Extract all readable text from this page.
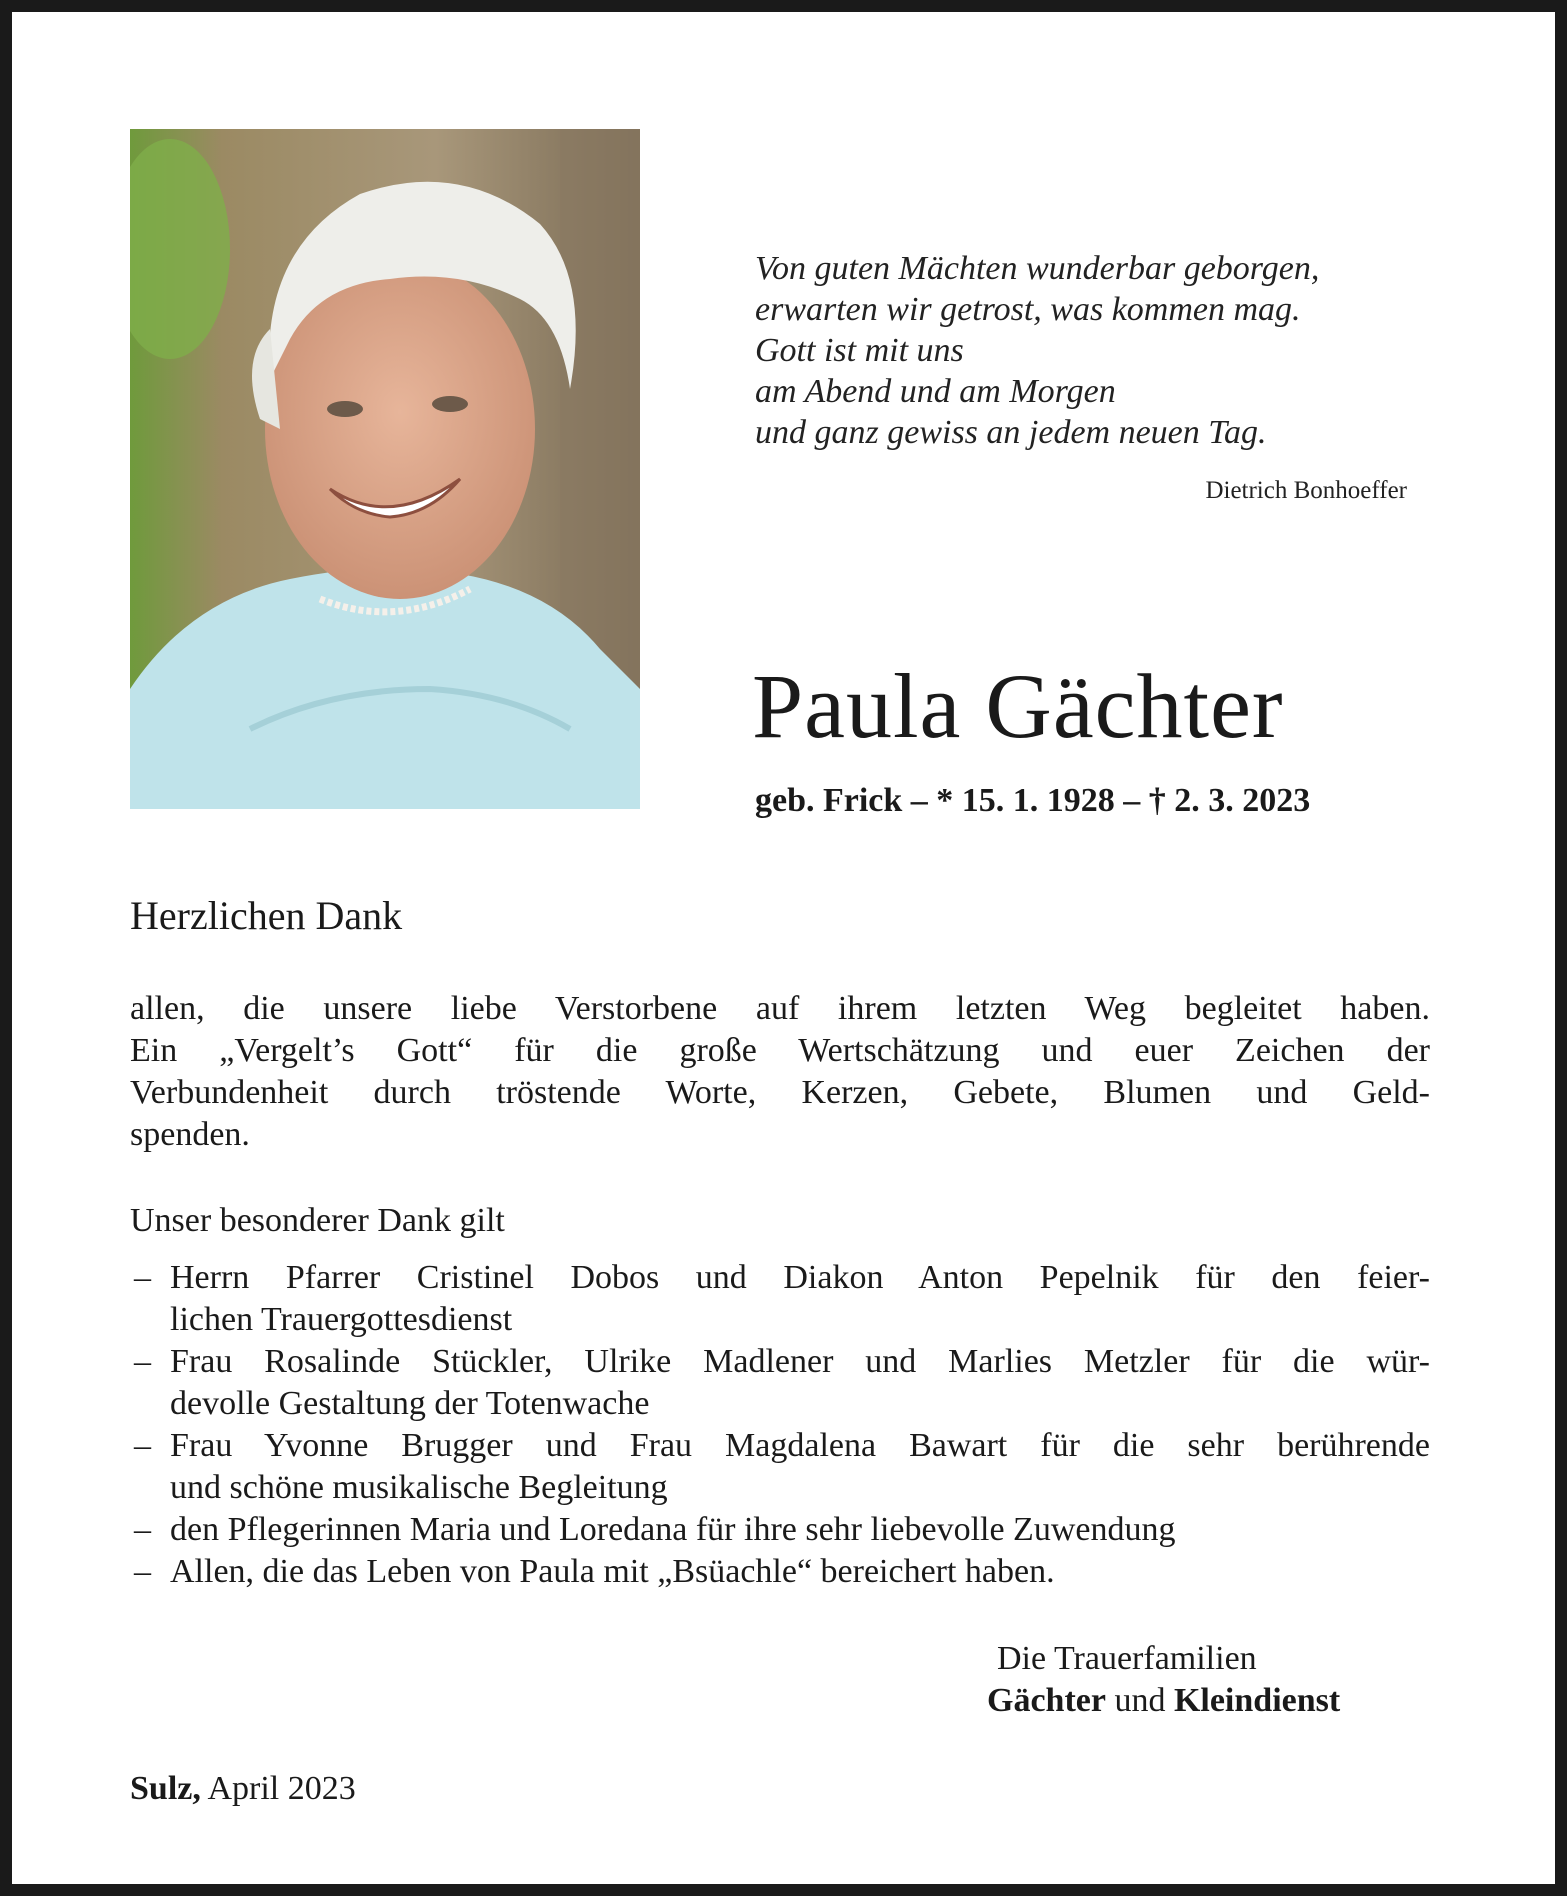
Von guten Mächten wunderbar geborgen,
erwarten wir getrost, was kommen mag.
Gott ist mit uns
am Abend und am Morgen
und ganz gewiss an jedem neuen Tag.
Dietrich Bonhoeffer
Paula Gächter
geb. Frick – * 15. 1. 1928 – † 2. 3. 2023
Herzlichen Dank
allen, die unsere liebe Verstorbene auf ihrem letzten Weg begleitet haben.
Ein „Vergelt’s Gott“ für die große Wertschätzung und euer Zeichen der
Verbundenheit durch tröstende Worte, Kerzen, Gebete, Blumen und Geld-
spenden.
Unser besonderer Dank gilt
– Herrn Pfarrer Cristinel Dobos und Diakon Anton Pepelnik für den feier-
lichen Trauergottesdienst
– Frau Rosalinde Stückler, Ulrike Madlener und Marlies Metzler für die wür-
devolle Gestaltung der Totenwache
– Frau Yvonne Brugger und Frau Magdalena Bawart für die sehr berührende
und schöne musikalische Begleitung
– den Pflegerinnen Maria und Loredana für ihre sehr liebevolle Zuwendung
– Allen, die das Leben von Paula mit „Bsüachle“ bereichert haben.
Die Trauerfamilien
Gächter und Kleindienst
Sulz, April 2023
